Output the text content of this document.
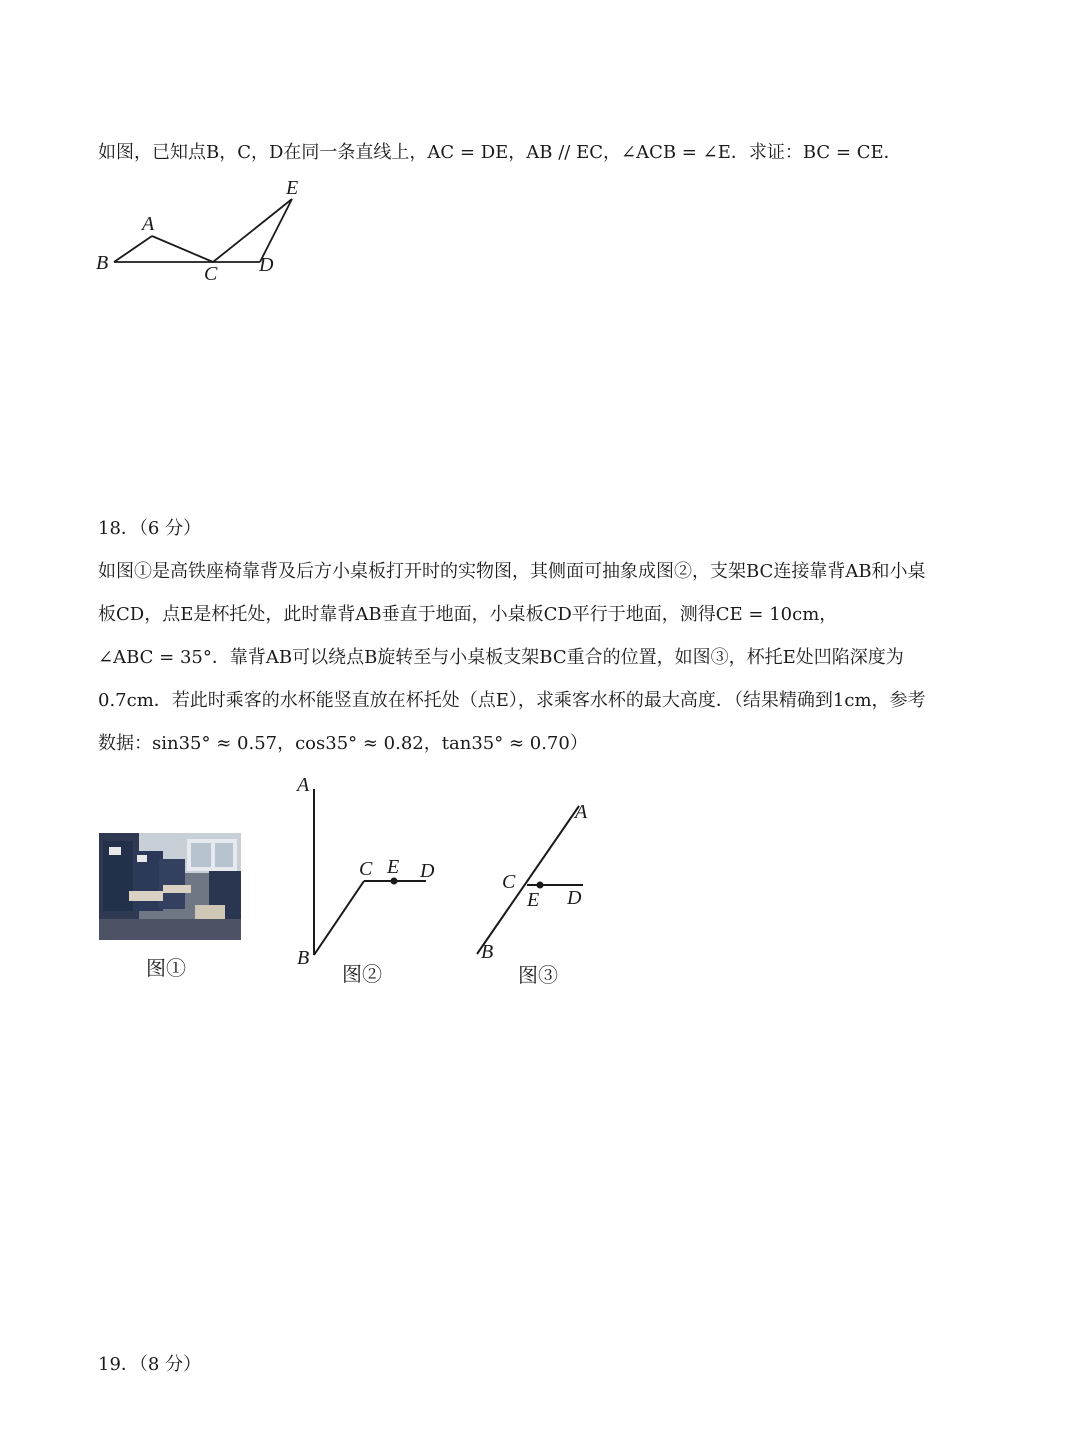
如图，已知点B，C，D在同一条直线上，AC = DE，AB // EC，∠ACB = ∠E．求证：BC = CE．
B
A
C D
E
18．（6 分）
如图①是高铁座椅靠背及后方小桌板打开时的实物图，其侧面可抽象成图②，支架BC连接靠背AB和小桌
板CD，点E是杯托处，此时靠背AB垂直于地面，小桌板CD平行于地面，测得CE = 10cm，
∠ABC = 35°．靠背AB可以绕点B旋转至与小桌板支架BC重合的位置，如图③，杯托E处凹陷深度为
0.7cm．若此时乘客的水杯能竖直放在杯托处（点E），求乘客水杯的最大高度．（结果精确到1cm，参考
数据：sin35° ≈ 0.57，cos35° ≈ 0.82，tan35° ≈ 0.70）
图①
A
B
C E D
图②
A
B
C
E D
图③
19．（8 分）
